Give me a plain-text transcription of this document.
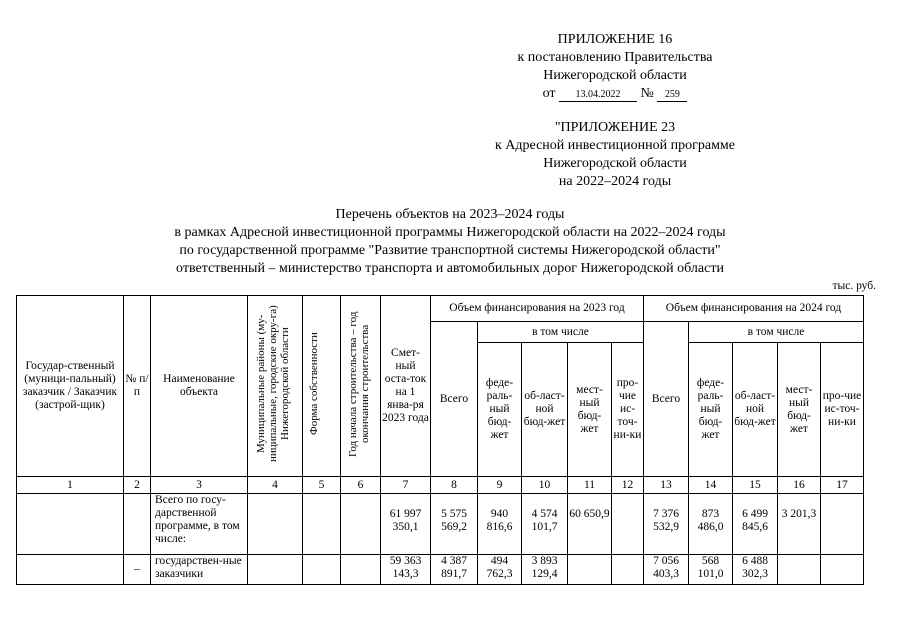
ПРИЛОЖЕНИЕ 16
к постановлению Правительства
Нижегородской области
от 13.04.2022 № 259
"ПРИЛОЖЕНИЕ 23
к Адресной инвестиционной программе
Нижегородской области
на 2022–2024 годы
Перечень объектов на 2023–2024 годы
в рамках Адресной инвестиционной программы Нижегородской области на 2022–2024 годы
по государственной программе "Развитие транспортной системы Нижегородской области"
ответственный – министерство транспорта и автомобильных дорог Нижегородской области
тыс. руб.
Государ-ственный (муници-пальный) заказчик / Заказчик (застрой-щик)	№ п/п	Наименование объекта	Муниципальные районы (му-ниципальные, городские окру-га) Нижегородской области	Форма собственности	Год начала строительства – год окончания строительства	Смет-ный оста-ток на 1 янва-ря 2023 года	Объем финансирования на 2023 год					Объем финансирования на 2024 год				
							Всего	в том числе				Всего	в том числе			
								феде-раль-ный бюд-жет	об-ласт-ной бюд-жет	мест-ный бюд-жет	про-чие ис-точ-ни-ки		феде-раль-ный бюд-жет	об-ласт-ной бюд-жет	мест-ный бюд-жет	про-чие ис-точ-ни-ки
1	2	3	4	5	6	7	8	9	10	11	12	13	14	15	16	17
		Всего по госу-дарственной программе, в том числе:				61 997 350,1	5 575 569,2	940 816,6	4 574 101,7	60 650,9		7 376 532,9	873 486,0	6 499 845,6	3 201,3	
	–	государствен-ные заказчики				59 363 143,3	4 387 891,7	494 762,3	3 893 129,4			7 056 403,3	568 101,0	6 488 302,3		
